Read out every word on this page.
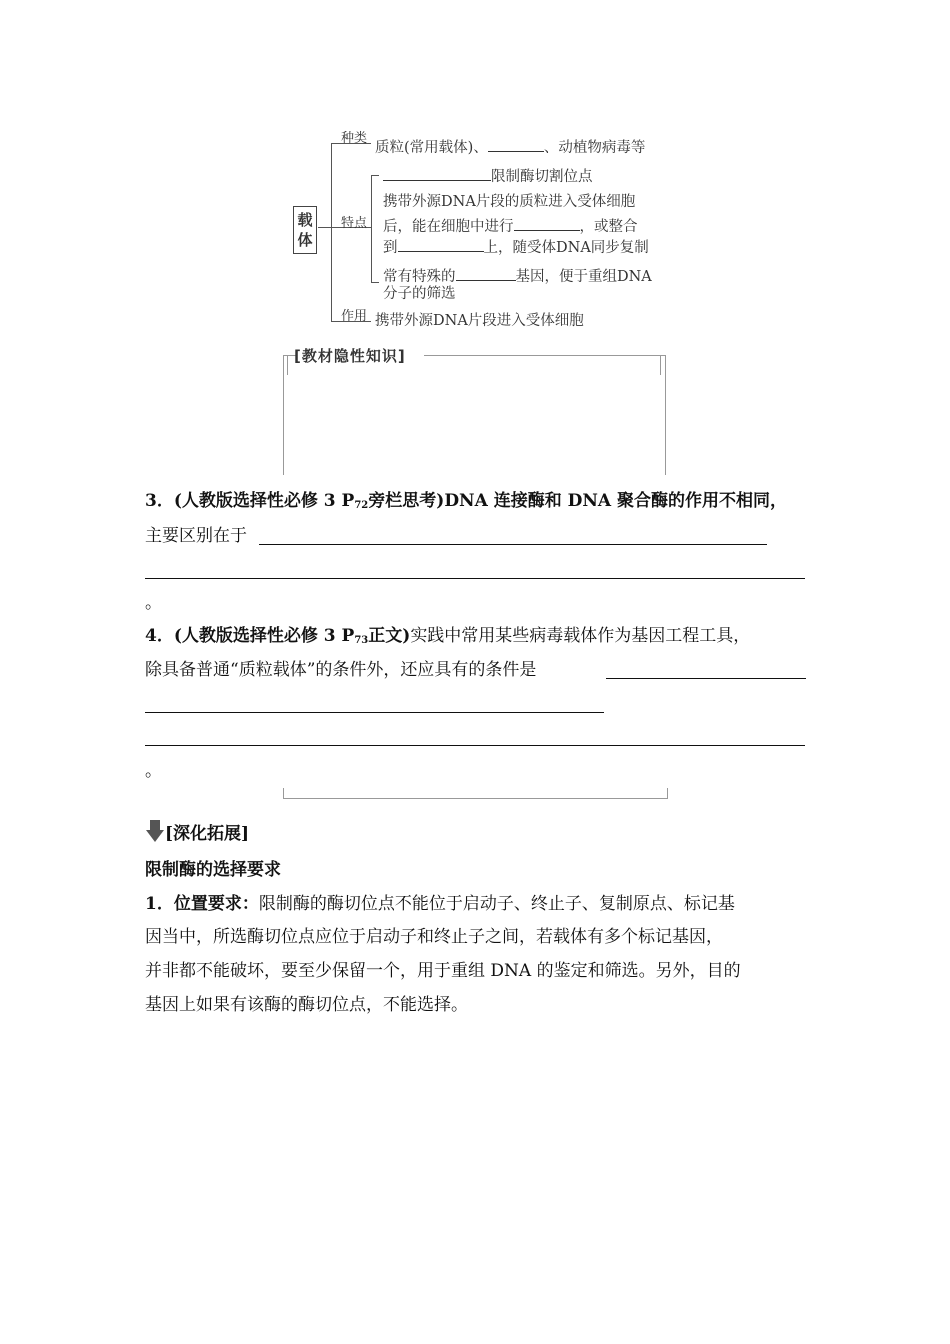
载体
种类
特点
作用
质粒(常用载体)、	、动植物病毒等
限制酶切割位点
携带外源DNA片段的质粒进入受体细胞
后，能在细胞中进行	，或整合
到	上，随受体DNA同步复制
常有特殊的	基因，便于重组DNA
分子的筛选
携带外源DNA片段进入受体细胞
[教材隐性知识]
3．(人教版选择性必修 3 $P_{72}$旁栏思考)DNA 连接酶和 DNA 聚合酶的作用不相同，
主要区别在于
。
4．(人教版选择性必修 3 $P_{73}$正文)实践中常用某些病毒载体作为基因工程工具，
除具备普通“质粒载体”的条件外，还应具有的条件是
。
[深化拓展]
限制酶的选择要求
1．位置要求：限制酶的酶切位点不能位于启动子、终止子、复制原点、标记基
因当中，所选酶切位点应位于启动子和终止子之间，若载体有多个标记基因，
并非都不能破坏，要至少保留一个，用于重组 DNA 的鉴定和筛选。另外，目的
基因上如果有该酶的酶切位点，不能选择。
